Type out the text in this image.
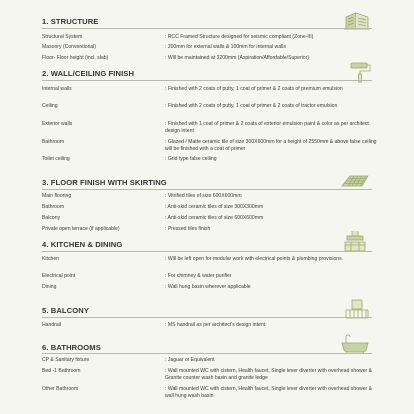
1. STRUCTURE
Structural System	: RCC Framed Structure designed for seismic compliant (Zone-III)
Masonry (Conventional)	: 200mm for external walls & 100mm for internal walls
Floor- Floor height (incl. slab)	: Will be maintained at 3200mm (Aspiration/Affordable/Superior)
2. WALL/CEILING FINISH
Internal walls	: Finished with 2 coats of putty, 1 coat of primer & 2 coats of premium emulsion
Ceiling	: Finished with 2 coats of putty, 1 coat of primer & 2 coats of tractor emulsion
Exterior walls	: Finished with 1 coat of primer & 2 coats of exterior emulsion paint & color as per architect design intent
Bathroom	: Glazed / Matte ceramic tile of size 300X600mm for a height of 2550mm & above false ceiling will be finished with a coat of primer
Toilet ceiling	: Grid type false ceiling
3. FLOOR FINISH WITH SKIRTING
Main flooring	: Vitrified tiles of size 600X600mm
Bathroom	: Anti-skid ceramic tiles of size 300X300mm
Balcony	: Anti-skid ceramic tiles of size 600X600mm
Private open terrace (if applicable)	: Pressed tiles finish
4. KITCHEN & DINING
Kitchen	: Will be left open for modular work with electrical points & plumbing provisions.
Electrical point	: For chimney & water purifier
Dining	: Wall hung basin wherever applicable
5. BALCONY
Handrail	: MS handrail as per architect's design intent
6. BATHROOMS
CP & Sanitary fixture	: Jaguar or Equivalent
Bed -1 Bathroom	: Wall mounted WC with cistern, Health faucet, Single lever diverter with overhead shower & Granite counter wash basin and granite ledge
Other Bathroom	: Wall mounted WC with cistern, Health faucet, Single lever diverter with overhead shower & wall hung wash basin
